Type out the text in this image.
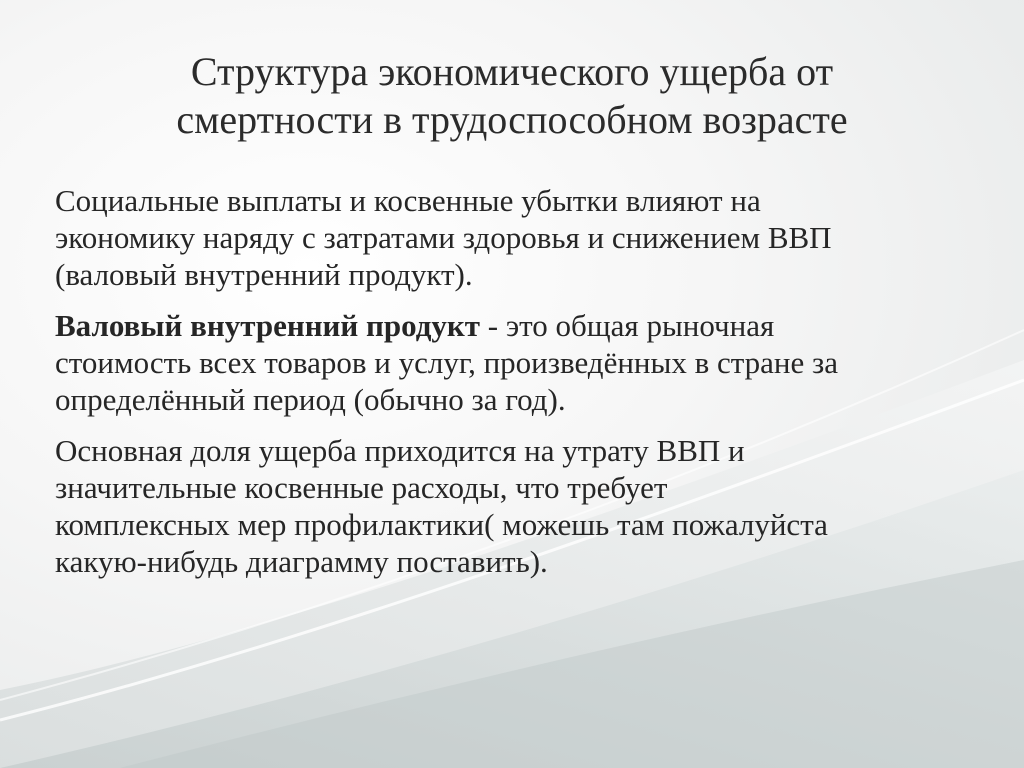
Структура экономического ущерба от
смертности в трудоспособном возрасте

Социальные выплаты и косвенные убытки влияют на
экономику наряду с затратами здоровья и снижением ВВП
(валовый внутренний продукт).

Валовый внутренний продукт - это общая рыночная
стоимость всех товаров и услуг, произведённых в стране за
определённый период (обычно за год).

Основная доля ущерба приходится на утрату ВВП и
значительные косвенные расходы, что требует
комплексных мер профилактики( можешь там пожалуйста
какую-нибудь диаграмму поставить).
